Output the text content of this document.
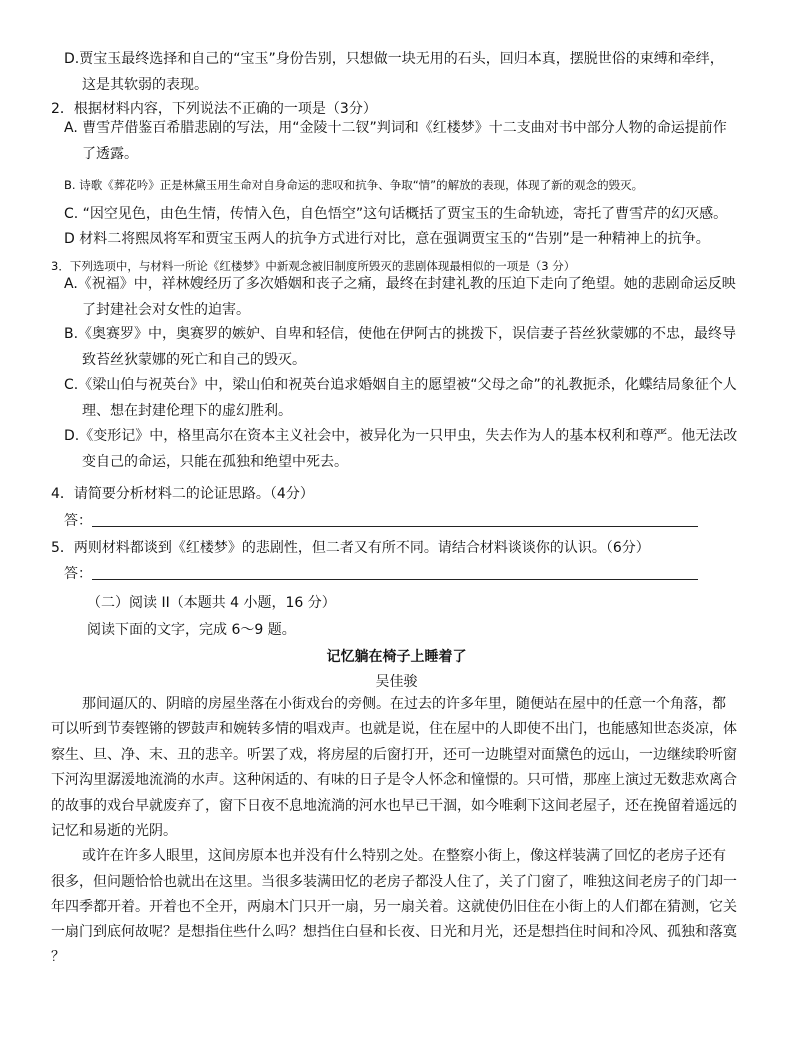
D.贾宝玉最终选择和自己的“宝玉”身份告别，只想做一块无用的石头，回归本真，摆脱世俗的束缚和牵绊，
这是其软弱的表现。
2．根据材料内容，下列说法不正确的一项是（3分）
A. 曹雪芹借鉴百希腊悲剧的写法，用“金陵十二钗”判词和《红楼梦》十二支曲对书中部分人物的命运提前作
了透露。
B. 诗歌《葬花吟》正是林黛玉用生命对自身命运的悲叹和抗争、争取“情”的解放的表现，体现了新的观念的毁灭。
C. “因空见色，由色生情，传情入色，自色悟空”这句话概括了贾宝玉的生命轨迹，寄托了曹雪芹的幻灭感。
D 材料二将熙凤将军和贾宝玉两人的抗争方式进行对比，意在强调贾宝玉的“告别”是一种精神上的抗争。
3．下列选项中，与材料一所论《红楼梦》中新观念被旧制度所毁灭的悲剧体现最相似的一项是（3 分）
A.《祝福》中，祥林嫂经历了多次婚姻和丧子之痛，最终在封建礼教的压迫下走向了绝望。她的悲剧命运反映
了封建社会对女性的迫害。
B.《奥赛罗》中，奥赛罗的嫉妒、自卑和轻信，使他在伊阿古的挑拨下，误信妻子苔丝狄蒙娜的不忠，最终导
致苔丝狄蒙娜的死亡和自己的毁灭。
C.《梁山伯与祝英台》中，梁山伯和祝英台追求婚姻自主的愿望被“父母之命”的礼教扼杀，化蝶结局象征个人
理、想在封建伦理下的虚幻胜利。
D.《变形记》中，格里高尔在资本主义社会中，被异化为一只甲虫，失去作为人的基本权利和尊严。他无法改
变自己的命运，只能在孤独和绝望中死去。
4．请简要分析材料二的论证思路。（4分）
答：
5．两则材料都谈到《红楼梦》的悲剧性，但二者又有所不同。请结合材料谈谈你的认识。（6分）
答：
（二）阅读 II（本题共 4 小题，16 分）
阅读下面的文字，完成 6～9 题。
记忆躺在椅子上睡着了
吴佳骏
那间逼仄的、阴暗的房屋坐落在小街戏台的旁侧。在过去的许多年里，随便站在屋中的任意一个角落，都
可以听到节奏铿锵的锣鼓声和婉转多情的唱戏声。也就是说，住在屋中的人即使不出门，也能感知世态炎凉，体
察生、旦、净、末、丑的悲辛。听罢了戏，将房屋的后窗打开，还可一边眺望对面黛色的远山，一边继续聆听窗
下河沟里潺湲地流淌的水声。这种闲适的、有味的日子是令人怀念和憧憬的。只可惜，那座上演过无数悲欢离合
的故事的戏台早就废弃了，窗下日夜不息地流淌的河水也早已干涸，如今唯剩下这间老屋子，还在挽留着遥远的
记忆和易逝的光阴。
或许在许多人眼里，这间房原本也并没有什么特别之处。在整察小街上，像这样装满了回忆的老房子还有
很多，但问题恰恰也就出在这里。当很多装满田忆的老房子都没人住了，关了门窗了，唯独这间老房子的门却一
年四季都开着。开着也不全开，两扇木门只开一扇，另一扇关着。这就使仍旧住在小街上的人们都在猜测，它关
一扇门到底何故呢？是想指住些什么吗？想挡住白昼和长夜、日光和月光，还是想挡住时间和冷风、孤独和落寞
？
